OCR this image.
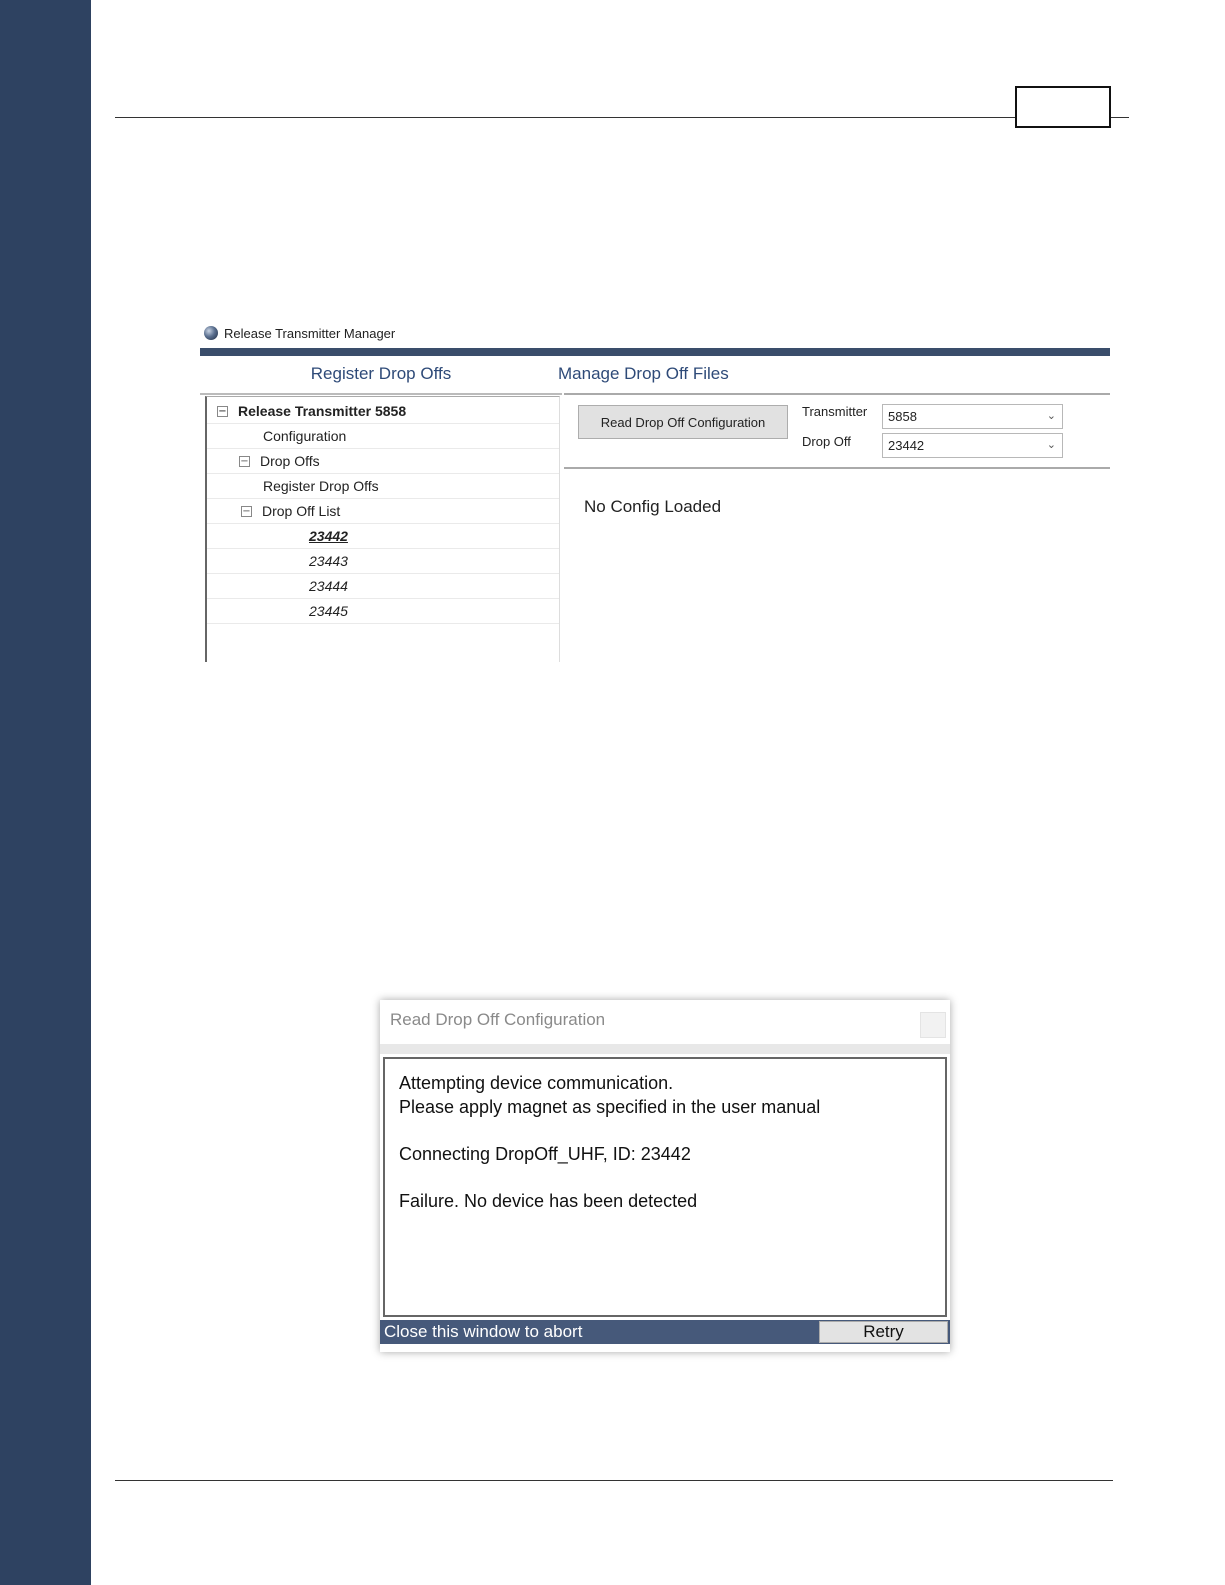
Release Transmitter Manager
Register Drop Offs
− Release Transmitter 5858
Configuration
− Drop Offs
Register Drop Offs
− Drop Off List
23442
23443
23444
23445
Manage Drop Off Files
Read Drop Off Configuration
Transmitter 5858	⌄
Drop Off	23442	⌄
No Config Loaded
Read Drop Off Configuration

Attempting device communication.

Please apply magnet as specified in the user manual

Connecting DropOff_UHF, ID: 23442

Failure. No device has been detected

Close this window to abort	Retry
